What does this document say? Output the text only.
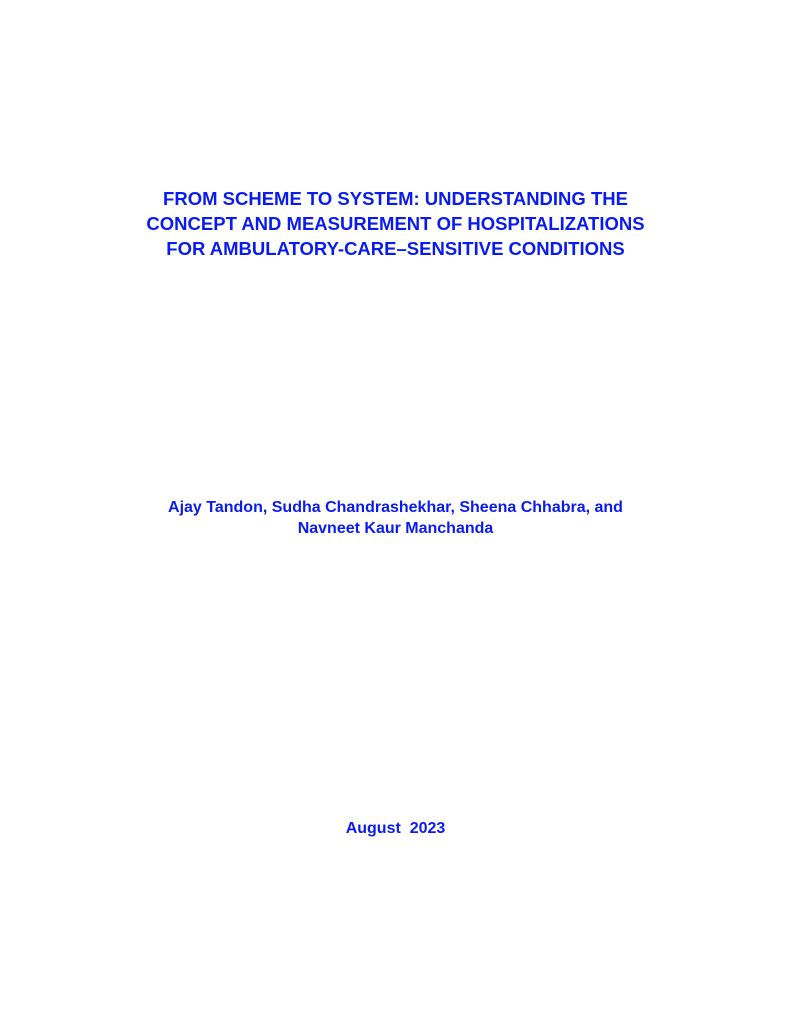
FROM SCHEME TO SYSTEM: UNDERSTANDING THE
CONCEPT AND MEASUREMENT OF HOSPITALIZATIONS
FOR AMBULATORY-CARE–SENSITIVE CONDITIONS
Ajay Tandon, Sudha Chandrashekhar, Sheena Chhabra, and
Navneet Kaur Manchanda
August  2023
